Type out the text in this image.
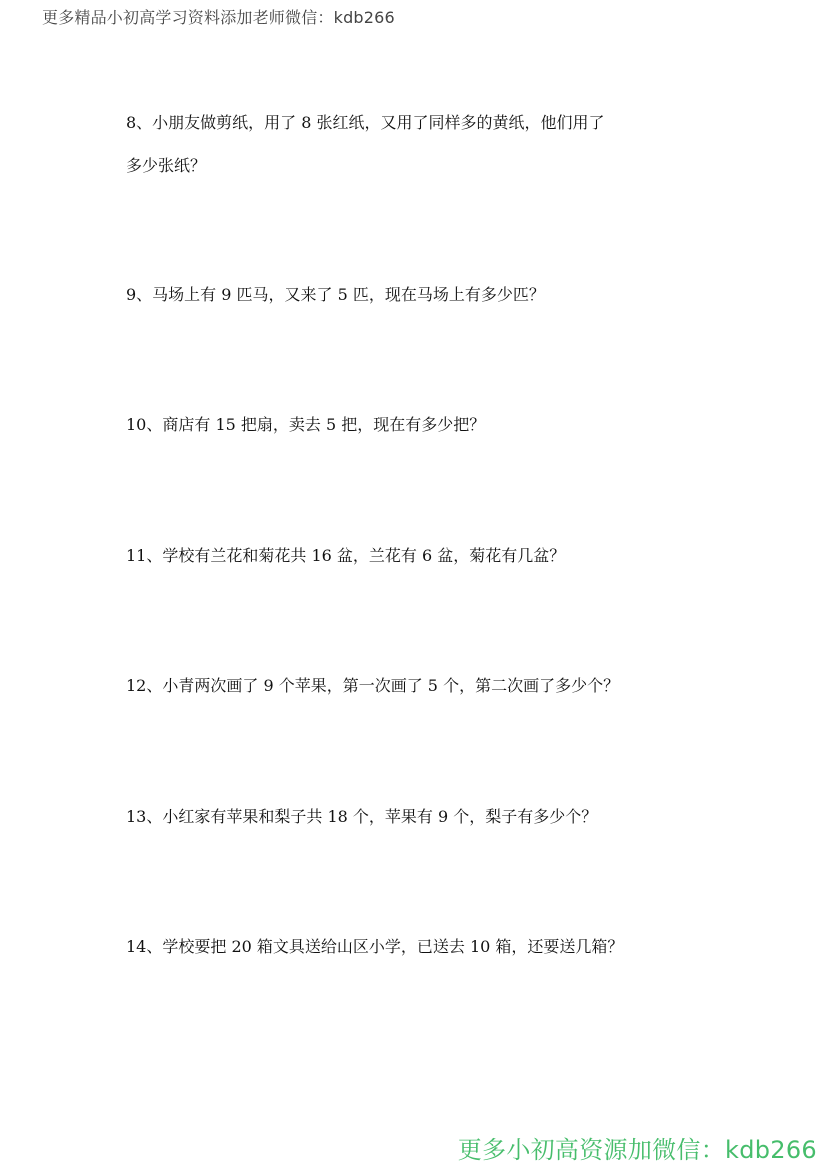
更多精品小初高学习资料添加老师微信：kdb266
8、小朋友做剪纸，用了 8 张红纸，又用了同样多的黄纸，他们用了
多少张纸？
9、马场上有 9 匹马，又来了 5 匹，现在马场上有多少匹？
10、商店有 15 把扇，卖去 5 把，现在有多少把？
11、学校有兰花和菊花共 16 盆，兰花有 6 盆，菊花有几盆？
12、小青两次画了 9 个苹果，第一次画了 5 个，第二次画了多少个？
13、小红家有苹果和梨子共 18 个，苹果有 9 个，梨子有多少个？
14、学校要把 20 箱文具送给山区小学，已送去 10 箱，还要送几箱？
更多小初高资源加微信：kdb266
